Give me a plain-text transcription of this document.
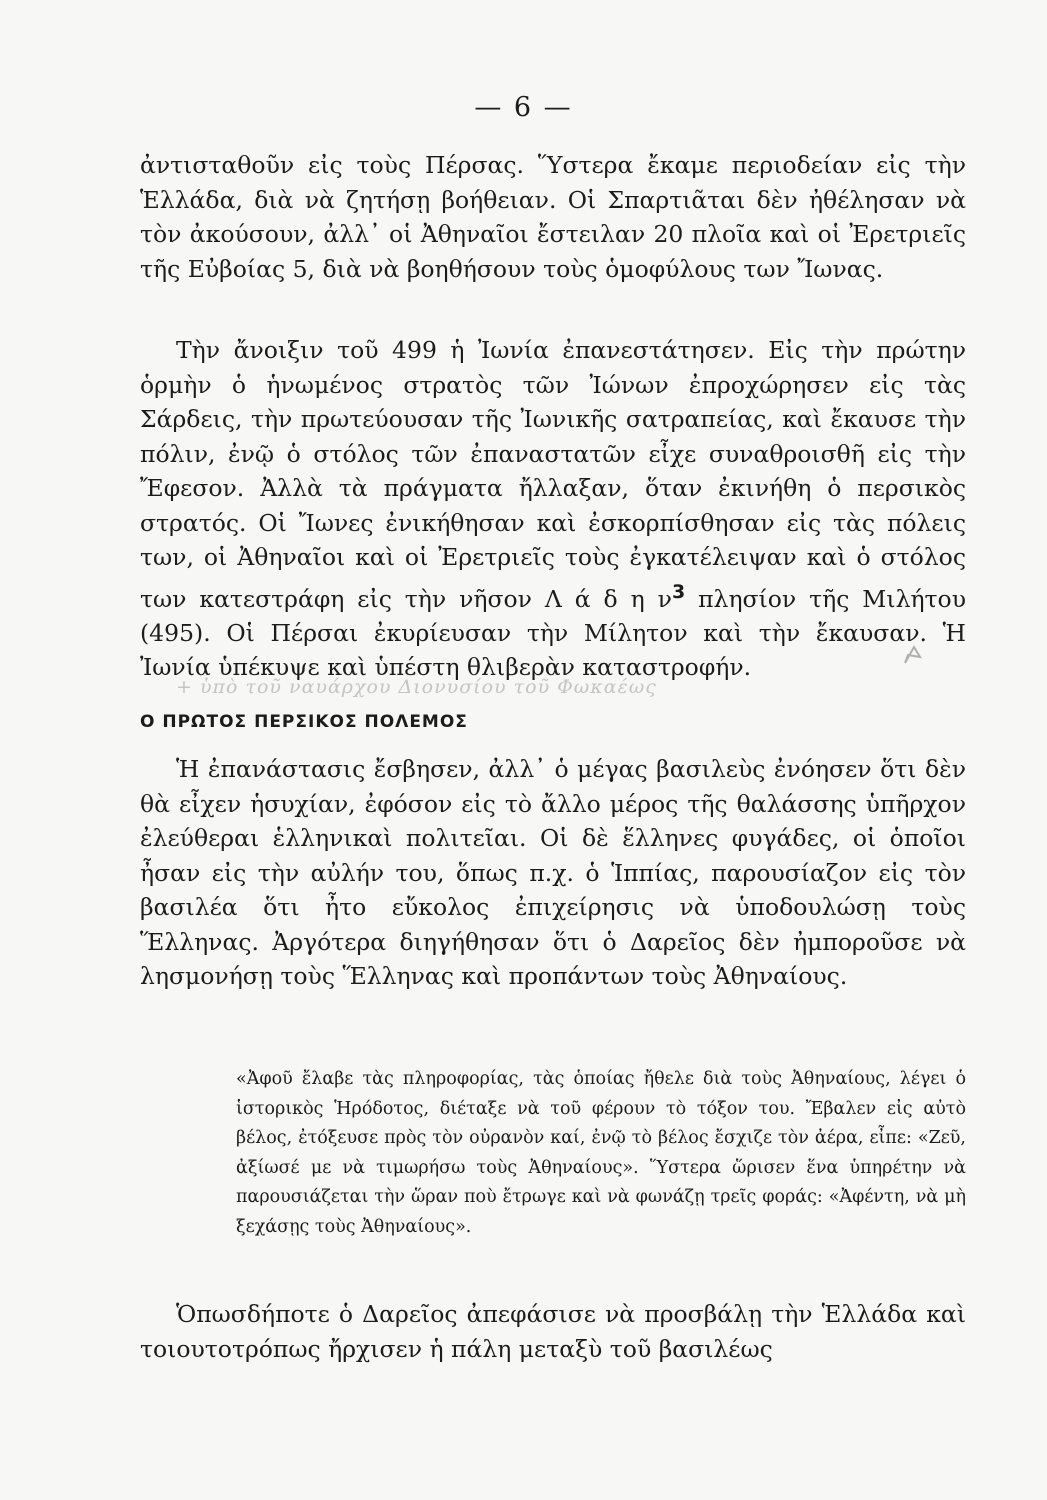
— 6 —

ἀντισταθοῦν εἰς τοὺς Πέρσας. Ὕστερα ἔκαμε περιοδείαν εἰς τὴν Ἑλλάδα, διὰ νὰ ζητήσῃ βοήθειαν. Οἱ Σπαρτιᾶται δὲν ἠθέλησαν νὰ τὸν ἀκούσουν, ἀλλ᾿ οἱ Ἀθηναῖοι ἔστειλαν 20 πλοῖα καὶ οἱ Ἐρετριεῖς τῆς Εὐβοίας 5, διὰ νὰ βοηθήσουν τοὺς ὁμοφύλους των Ἴωνας.

Τὴν ἄνοιξιν τοῦ 499 ἡ Ἰωνία ἐπανεστάτησεν. Εἰς τὴν πρώτην ὁρμὴν ὁ ἡνωμένος στρατὸς τῶν Ἰώνων ἐπροχώρησεν εἰς τὰς Σάρδεις, τὴν πρωτεύουσαν τῆς Ἰωνικῆς σατραπείας, καὶ ἔκαυσε τὴν πόλιν, ἐνῷ ὁ στόλος τῶν ἐπαναστατῶν εἶχε συναθροισθῆ εἰς τὴν Ἔφεσον. Ἀλλὰ τὰ πράγματα ἤλλαξαν, ὅταν ἐκινήθη ὁ περσικὸς στρατός. Οἱ Ἴωνες ἐνικήθησαν καὶ ἐσκορπίσθησαν εἰς τὰς πόλεις των, οἱ Ἀθηναῖοι καὶ οἱ Ἐρετριεῖς τοὺς ἐγκατέλειψαν καὶ ὁ στόλος των κατεστράφη εἰς τὴν νῆσον Λ ά δ η $\nu^3$ πλησίον τῆς Μιλήτου (495). Οἱ Πέρσαι ἐκυρίευσαν τὴν Μίλητον καὶ τὴν ἔκαυσαν. Ἡ Ἰωνία ὑπέκυψε καὶ ὑπέστη θλιβερὰν καταστροφήν.

+ ὑπὸ τοῦ ναυάρχου Διονυσίου τοῦ Φωκαέως
Ο ΠΡΩΤΟΣ ΠΕΡΣΙΚΟΣ ΠΟΛΕΜΟΣ

Ἡ ἐπανάστασις ἔσβησεν, ἀλλ᾿ ὁ μέγας βασιλεὺς ἐνόησεν ὅτι δὲν θὰ εἶχεν ἡσυχίαν, ἐφόσον εἰς τὸ ἄλλο μέρος τῆς θαλάσσης ὑπῆρχον ἐλεύθεραι ἑλληνικαὶ πολιτεῖαι. Οἱ δὲ ἕλληνες φυγάδες, οἱ ὁποῖοι ἦσαν εἰς τὴν αὐλήν του, ὅπως π.χ. ὁ Ἱππίας, παρουσίαζον εἰς τὸν βασιλέα ὅτι ἦτο εὔκολος ἐπιχείρησις νὰ ὑποδουλώσῃ τοὺς Ἕλληνας. Ἀργότερα διηγήθησαν ὅτι ὁ Δαρεῖος δὲν ἠμποροῦσε νὰ λησμονήσῃ τοὺς Ἕλληνας καὶ προπάντων τοὺς Ἀθηναίους.

«Ἀφοῦ ἔλαβε τὰς πληροφορίας, τὰς ὁποίας ἤθελε διὰ τοὺς Ἀθηναίους, λέγει ὁ ἱστορικὸς Ἡρόδοτος, διέταξε νὰ τοῦ φέρουν τὸ τόξον του. Ἔβαλεν εἰς αὐτὸ βέλος, ἐτόξευσε πρὸς τὸν οὐρανὸν καί, ἐνῷ τὸ βέλος ἔσχιζε τὸν ἀέρα, εἶπε: «Ζεῦ, ἀξίωσέ με νὰ τιμωρήσω τοὺς Ἀθηναίους». Ὕστερα ὥρισεν ἕνα ὑπηρέτην νὰ παρουσιάζεται τὴν ὥραν ποὺ ἔτρωγε καὶ νὰ φωνάζῃ τρεῖς φοράς: «Ἀφέντη, νὰ μὴ ξεχάσῃς τοὺς Ἀθηναίους».

Ὁπωσδήποτε ὁ Δαρεῖος ἀπεφάσισε νὰ προσβάλῃ τὴν Ἑλλάδα καὶ τοιουτοτρόπως ἤρχισεν ἡ πάλη μεταξὺ τοῦ βασιλέως
